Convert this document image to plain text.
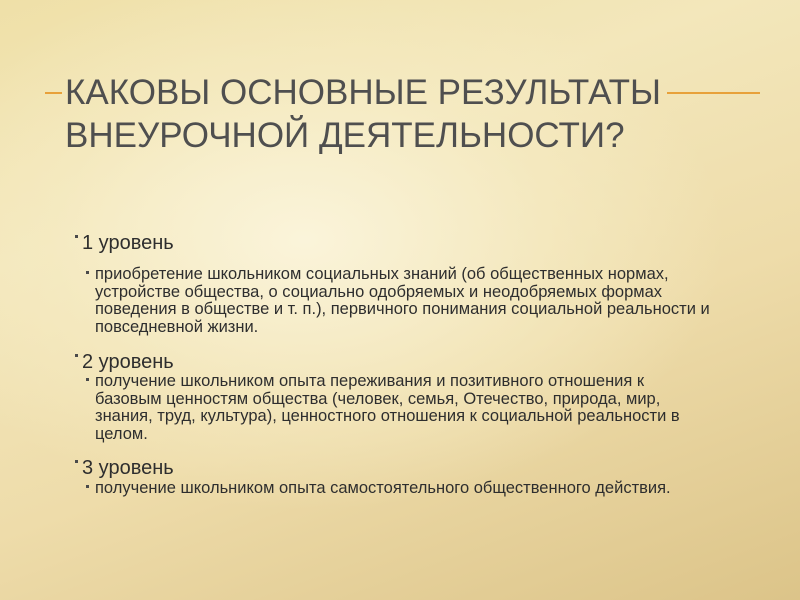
КАКОВЫ ОСНОВНЫЕ РЕЗУЛЬТАТЫ
ВНЕУРОЧНОЙ ДЕЯТЕЛЬНОСТИ?
1 уровень
приобретение школьником социальных знаний (об общественных нормах,
устройстве общества, о социально одобряемых и неодобряемых формах
поведения в обществе и т. п.), первичного понимания социальной реальности и
повседневной жизни.
2 уровень
получение школьником опыта переживания и позитивного отношения к
базовым ценностям общества (человек, семья, Отечество, природа, мир,
знания, труд, культура), ценностного отношения к социальной реальности в
целом.
3 уровень
получение школьником опыта самостоятельного общественного действия.
